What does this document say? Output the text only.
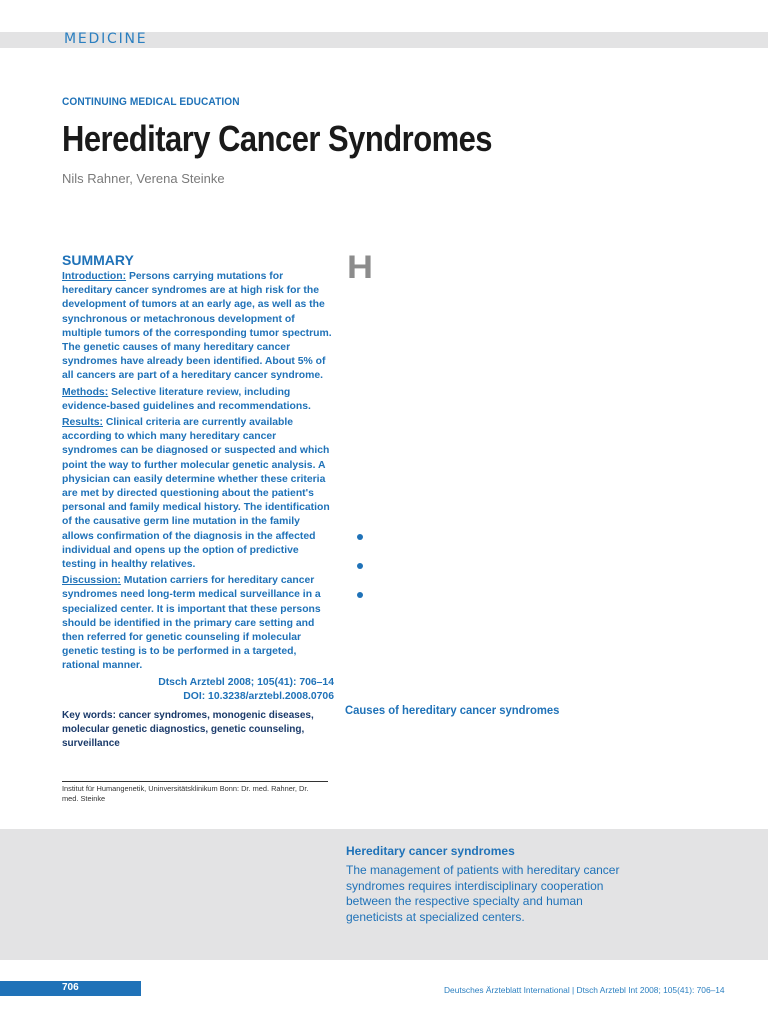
MEDICINE
CONTINUING MEDICAL EDUCATION
Hereditary Cancer Syndromes
Nils Rahner, Verena Steinke
SUMMARY

Introduction: Persons carrying mutations for hereditary cancer syndromes are at high risk for the development of tumors at an early age, as well as the synchronous or metachronous development of multiple tumors of the corresponding tumor spectrum. The genetic causes of many hereditary cancer syndromes have already been identified. About 5% of all cancers are part of a hereditary cancer syndrome.

Methods: Selective literature review, including evidence-based guidelines and recommendations.

Results: Clinical criteria are currently available according to which many hereditary cancer syndromes can be diagnosed or suspected and which point the way to further molecular genetic analysis. A physician can easily determine whether these criteria are met by directed questioning about the patient's personal and family medical history. The identification of the causative germ line mutation in the family allows confirmation of the diagnosis in the affected individual and opens up the option of predictive testing in healthy relatives.

Discussion: Mutation carriers for hereditary cancer syndromes need long-term medical surveillance in a specialized center. It is important that these persons should be identified in the primary care setting and then referred for genetic counseling if molecular genetic testing is to be performed in a targeted, rational manner.

Dtsch Arztebl 2008; 105(41): 706–14

DOI: 10.3238/arztebl.2008.0706

Key words: cancer syndromes, monogenic diseases, molecular genetic diagnostics, genetic counseling, surveillance
Institut für Humangenetik, Uninversitätsklinikum Bonn: Dr. med. Rahner, Dr. med. Steinke
H
Causes of hereditary cancer syndromes
Hereditary cancer syndromes
The management of patients with hereditary cancer syndromes requires interdisciplinary cooperation between the respective specialty and human geneticists at specialized centers.
706	Deutsches Ärzteblatt International | Dtsch Arztebl Int 2008; 105(41): 706–14
